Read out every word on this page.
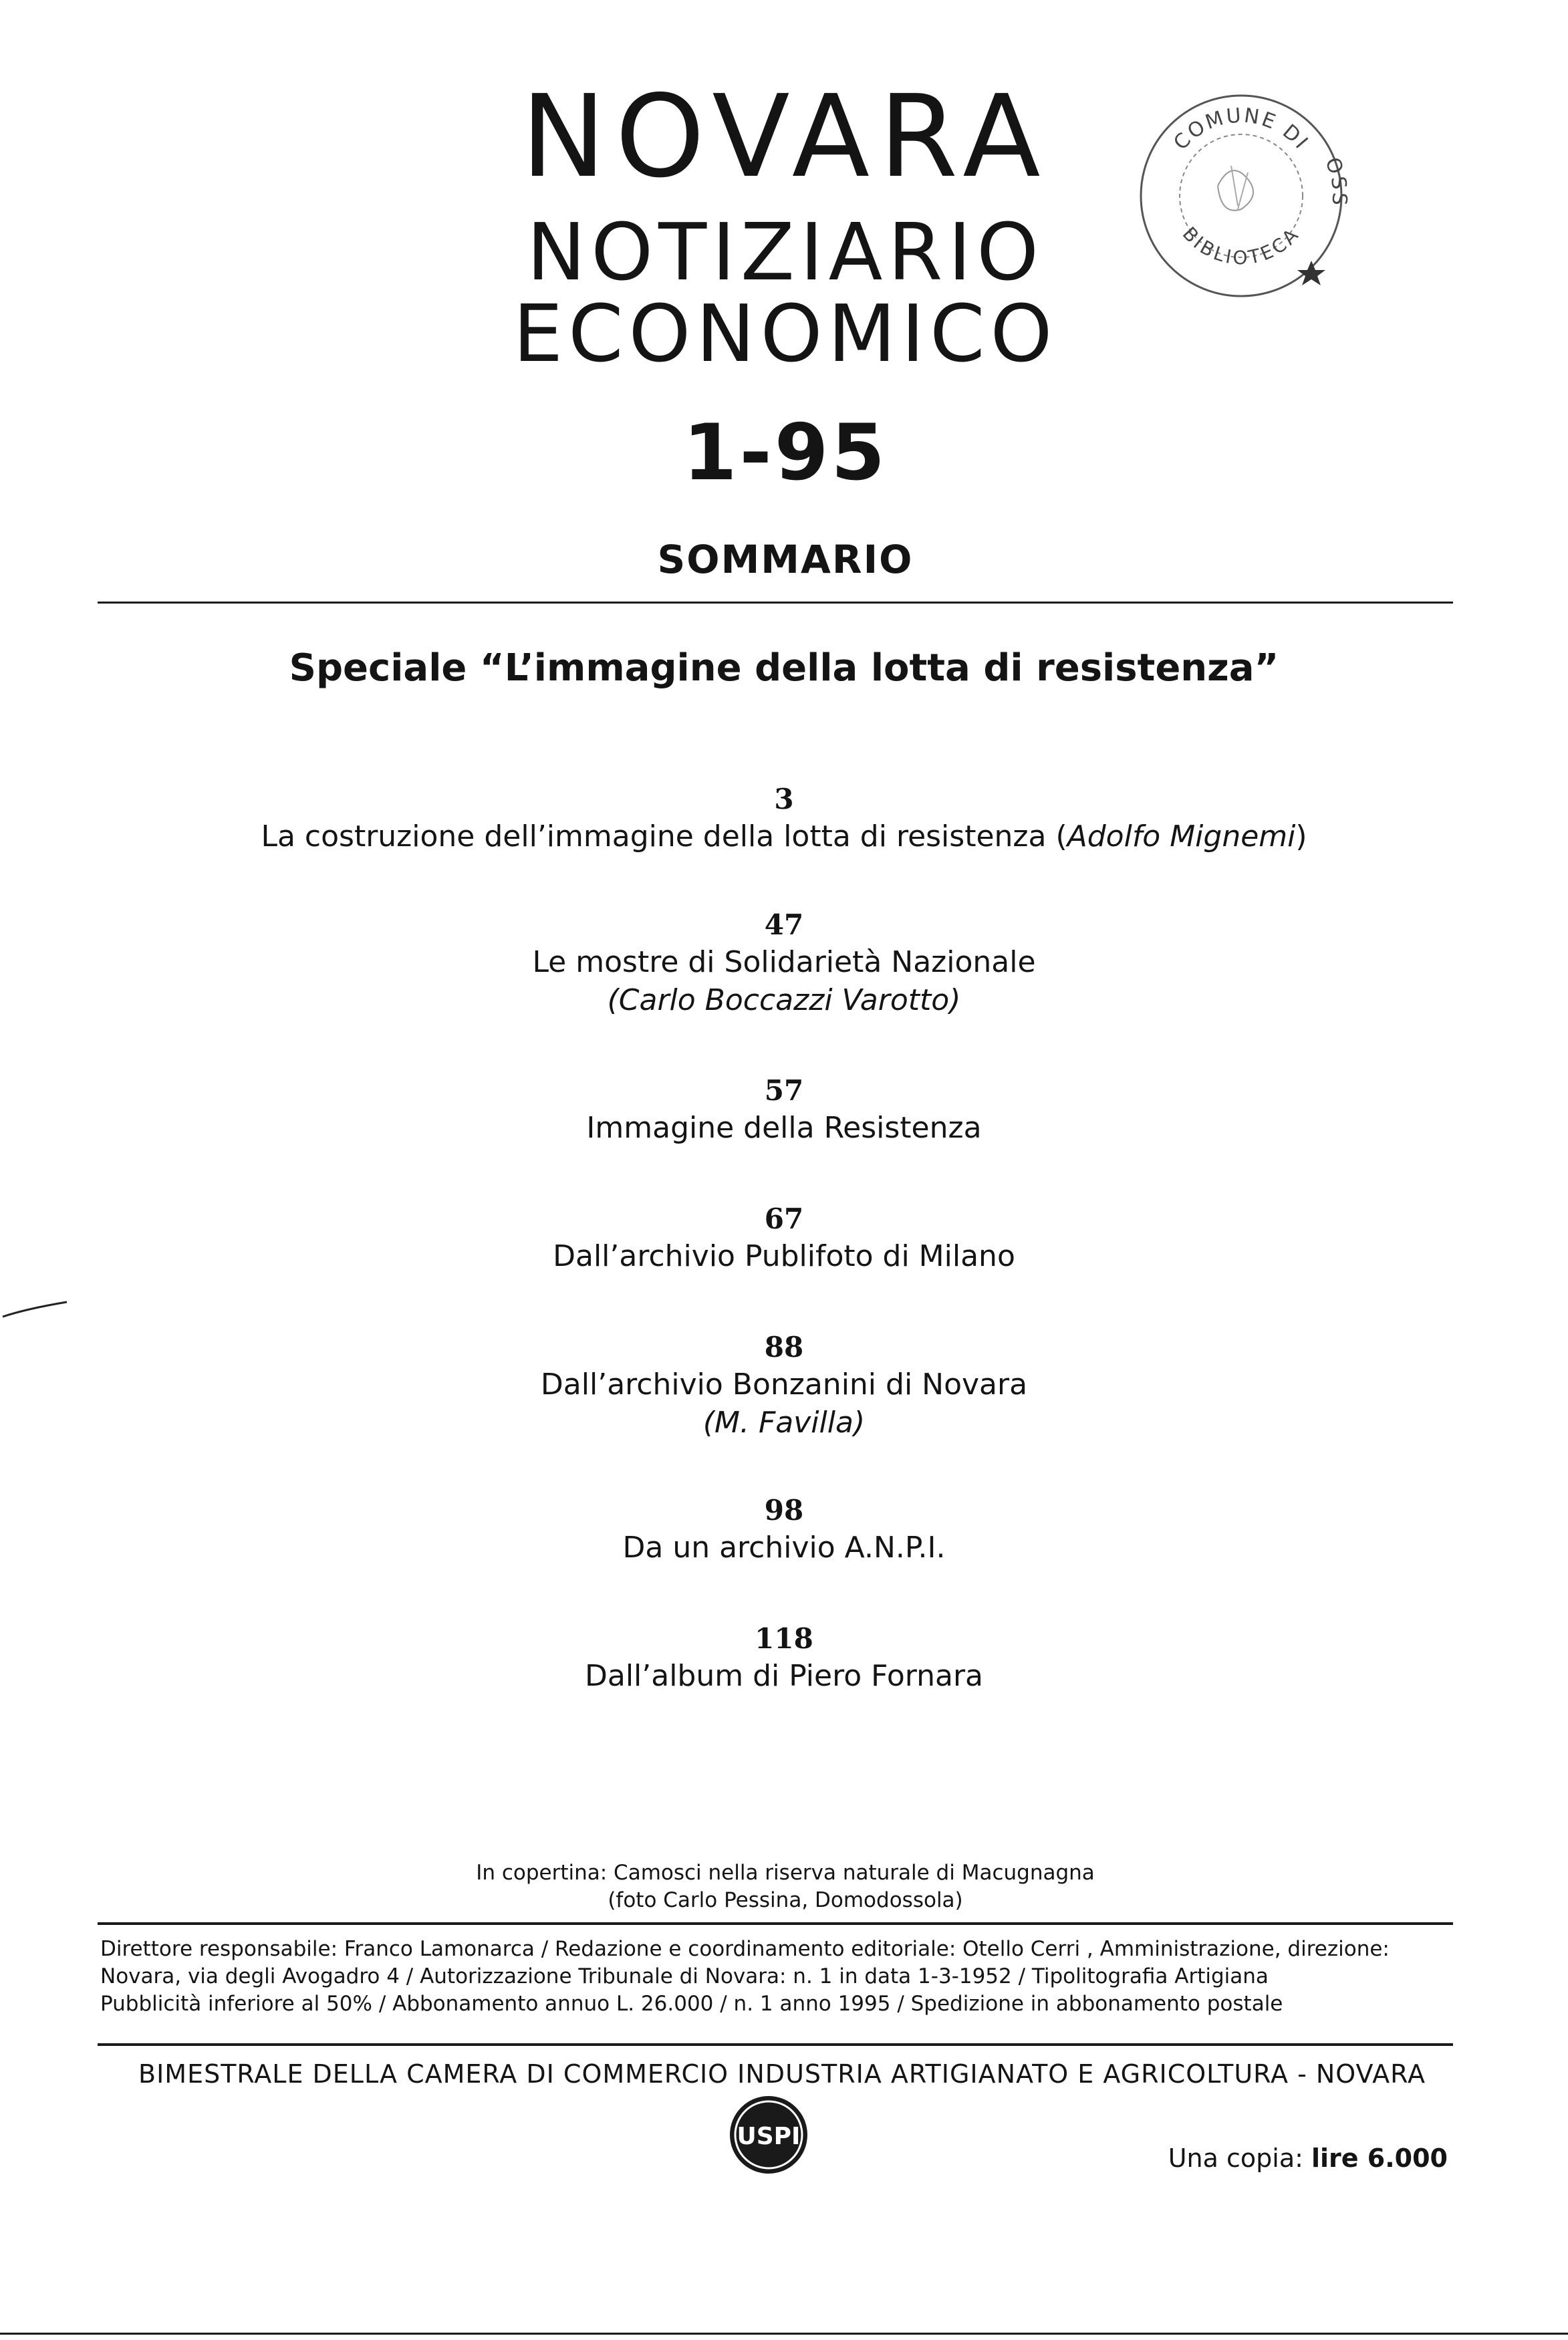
NOVARA
NOTIZIARIO
ECONOMICO
COMUNE DI
OSS
BIBLIOTECA
1-95
SOMMARIO
Speciale “L’immagine della lotta di resistenza”
3
La costruzione dell’immagine della lotta di resistenza (Adolfo Mignemi)
47
Le mostre di Solidarietà Nazionale
(Carlo Boccazzi Varotto)
57
Immagine della Resistenza
67
Dall’archivio Publifoto di Milano
88
Dall’archivio Bonzanini di Novara
(M. Favilla)
98
Da un archivio A.N.P.I.
118
Dall’album di Piero Fornara
In copertina: Camosci nella riserva naturale di Macugnagna
(foto Carlo Pessina, Domodossola)
Direttore responsabile: Franco Lamonarca / Redazione e coordinamento editoriale: Otello Cerri , Amministrazione, direzione:
Novara, via degli Avogadro 4 / Autorizzazione Tribunale di Novara: n. 1 in data 1-3-1952 / Tipolitografia Artigiana
Pubblicità inferiore al 50% / Abbonamento annuo L. 26.000 / n. 1 anno 1995 / Spedizione in abbonamento postale
BIMESTRALE DELLA CAMERA DI COMMERCIO INDUSTRIA ARTIGIANATO E AGRICOLTURA - NOVARA
USPI
Una copia: lire 6.000
